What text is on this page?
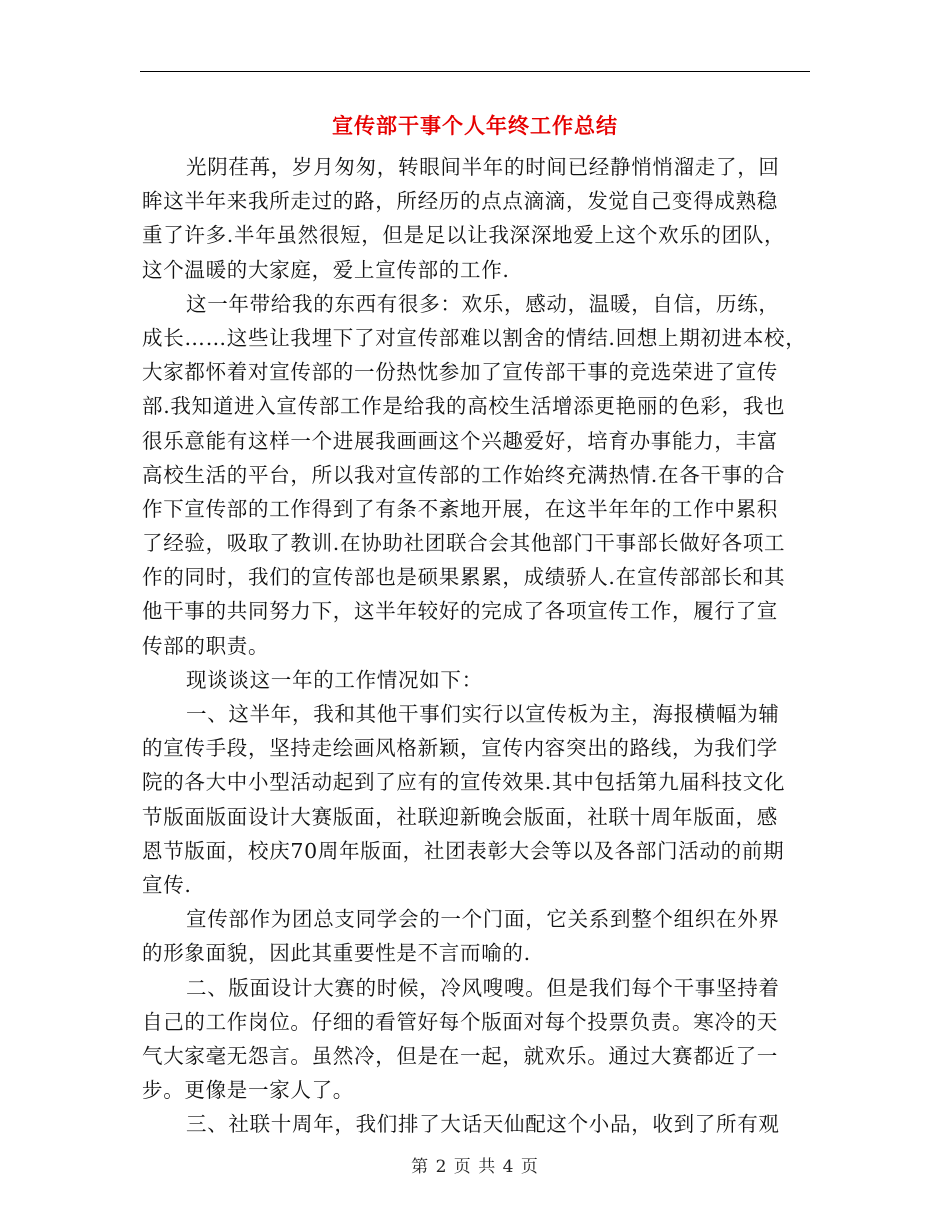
宣传部干事个人年终工作总结
光阴荏苒，岁月匆匆，转眼间半年的时间已经静悄悄溜走了，回
眸这半年来我所走过的路，所经历的点点滴滴，发觉自己变得成熟稳
重了许多.半年虽然很短，但是足以让我深深地爱上这个欢乐的团队，
这个温暖的大家庭，爱上宣传部的工作.
这一年带给我的东西有很多：欢乐，感动，温暖，自信，历练，
成长……这些让我埋下了对宣传部难以割舍的情结.回想上期初进本校，
大家都怀着对宣传部的一份热忱参加了宣传部干事的竞选荣进了宣传
部.我知道进入宣传部工作是给我的高校生活增添更艳丽的色彩，我也
很乐意能有这样一个进展我画画这个兴趣爱好，培育办事能力，丰富
高校生活的平台，所以我对宣传部的工作始终充满热情.在各干事的合
作下宣传部的工作得到了有条不紊地开展，在这半年年的工作中累积
了经验，吸取了教训.在协助社团联合会其他部门干事部长做好各项工
作的同时，我们的宣传部也是硕果累累，成绩骄人.在宣传部部长和其
他干事的共同努力下，这半年较好的完成了各项宣传工作，履行了宣
传部的职责。
现谈谈这一年的工作情况如下：
一、这半年，我和其他干事们实行以宣传板为主，海报横幅为辅
的宣传手段，坚持走绘画风格新颖，宣传内容突出的路线，为我们学
院的各大中小型活动起到了应有的宣传效果.其中包括第九届科技文化
节版面版面设计大赛版面，社联迎新晚会版面，社联十周年版面，感
恩节版面，校庆70周年版面，社团表彰大会等以及各部门活动的前期
宣传.
宣传部作为团总支同学会的一个门面，它关系到整个组织在外界
的形象面貌，因此其重要性是不言而喻的.
二、版面设计大赛的时候，冷风嗖嗖。但是我们每个干事坚持着
自己的工作岗位。仔细的看管好每个版面对每个投票负责。寒冷的天
气大家毫无怨言。虽然冷，但是在一起，就欢乐。通过大赛都近了一
步。更像是一家人了。
三、社联十周年，我们排了大话天仙配这个小品，收到了所有观
第 2 页 共 4 页
